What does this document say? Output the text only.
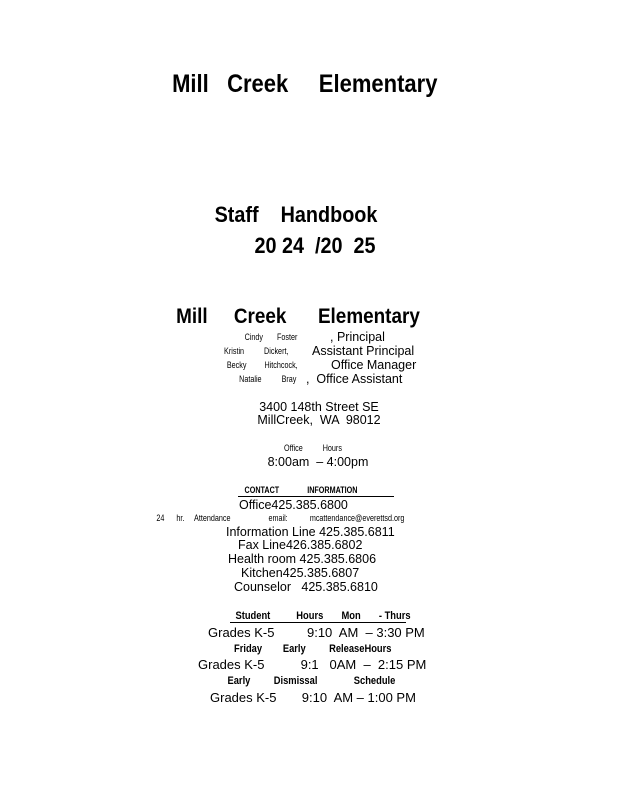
Mill   Creek     Elementary

Staff    Handbook
20 24  /20  25
Mill     Creek      Elementary
Cindy       Foster	, Principal
Kristin          Dickert, Assistant Principal
Becky         Hitchcock,	Office Manager
Natalie          Bray ,  Office Assistant
3400 148th Street SE
MillCreek,  WA  98012
Office          Hours
8:00am  – 4:00pm
CONTACT              INFORMATION
Office425.385.6800
24      hr.     Attendance                   email: mcattendance@everettsd.org
Information Line 425.385.6811
Fax Line426.385.6802
Health room 425.385.6806
Kitchen425.385.6807
Counselor   425.385.6810
Student          Hours       Mon       - Thurs
Grades K-5         9:10  AM  – 3:30 PM
Friday        Early         ReleaseHours
Grades K-5          9:1   0AM  –  2:15 PM
Early         Dismissal              Schedule
Grades K-5       9:10  AM – 1:00 PM
